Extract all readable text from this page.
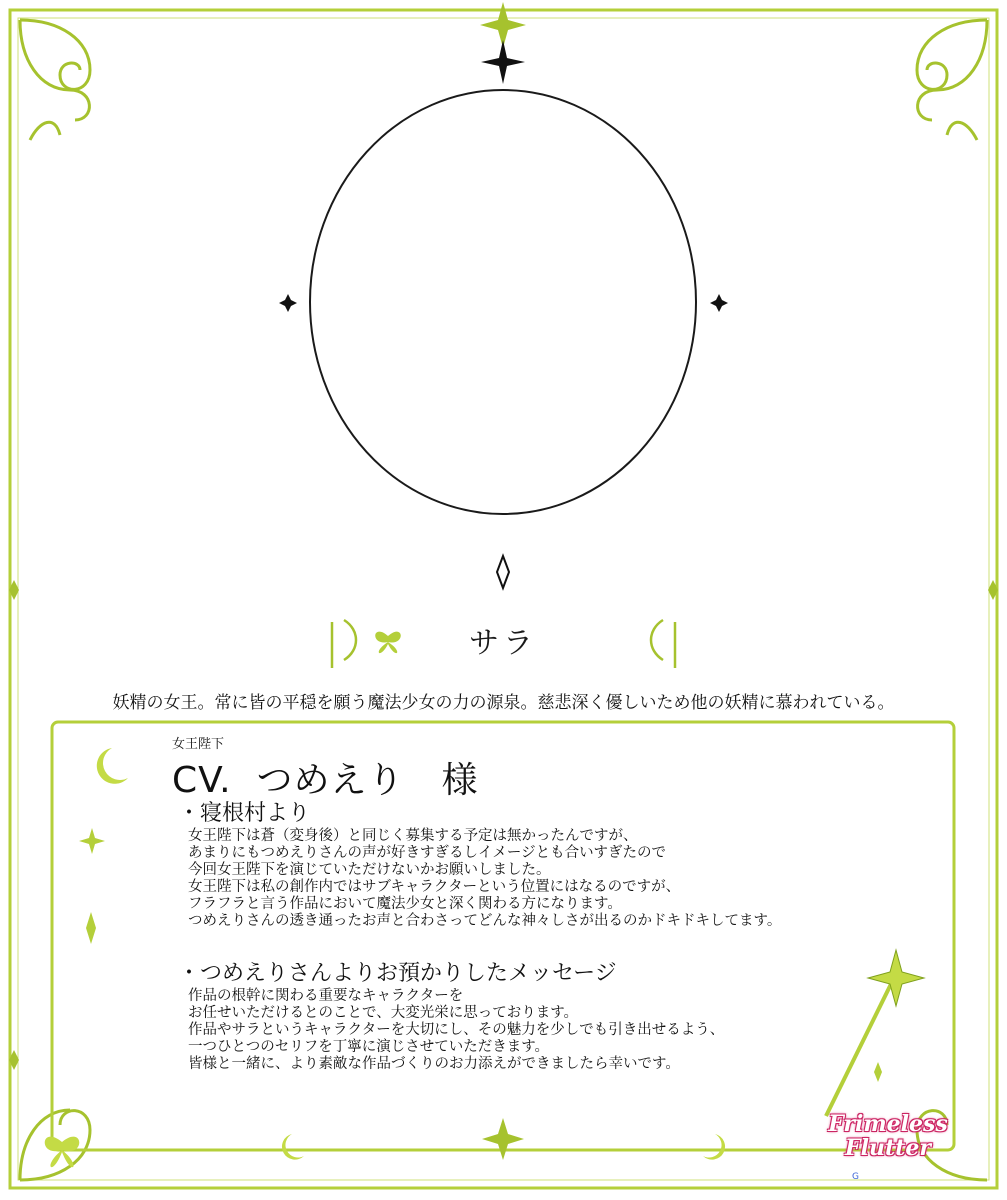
サラ
妖精の女王。常に皆の平穏を願う魔法少女の力の源泉。慈悲深く優しいため他の妖精に慕われている。
女王陛下
CV.  つめえり　様
・寝根村より
女王陛下は蒼（変身後）と同じく募集する予定は無かったんですが、
あまりにもつめえりさんの声が好きすぎるしイメージとも合いすぎたので
今回女王陛下を演じていただけないかお願いしました。
女王陛下は私の創作内ではサブキャラクターという位置にはなるのですが、
フラフラと言う作品において魔法少女と深く関わる方になります。
つめえりさんの透き通ったお声と合わさってどんな神々しさが出るのかドキドキしてます。
・つめえりさんよりお預かりしたメッセージ
作品の根幹に関わる重要なキャラクターを
お任せいただけるとのことで、大変光栄に思っております。
作品やサラというキャラクターを大切にし、その魅力を少しでも引き出せるよう、
一つひとつのセリフを丁寧に演じさせていただきます。
皆様と一緒に、より素敵な作品づくりのお力添えができましたら幸いです。
Frimeless
Flutter
G
